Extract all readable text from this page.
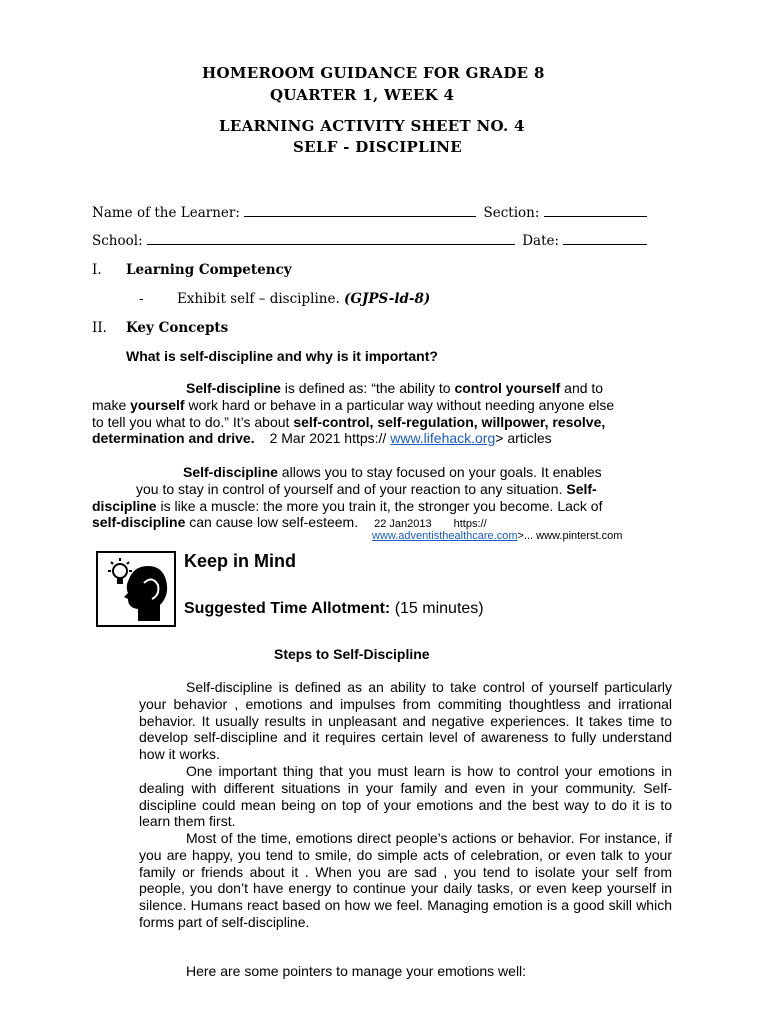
HOMEROOM GUIDANCE FOR GRADE 8
QUARTER 1, WEEK 4
LEARNING ACTIVITY SHEET NO. 4
SELF - DISCIPLINE
Name of the Learner:	Section:
School:	Date:
I. Learning Competency
- Exhibit self – discipline. (GJPS-ld-8)
II. Key Concepts
What is self-discipline and why is it important?
Self-discipline is defined as: “the ability to control yourself and to
make yourself work hard or behave in a particular way without needing anyone else
to tell you what to do.” It’s about self-control, self-regulation, willpower, resolve,
determination and drive. 2 Mar 2021 https:// www.lifehack.org> articles
Self-discipline allows you to stay focused on your goals. It enables
you to stay in control of yourself and of your reaction to any situation. Self-
discipline is like a muscle: the more you train it, the stronger you become. Lack of
self-discipline can cause low self-esteem. 22 Jan2013 https://
www.adventisthealthcare.com>... www.pinterst.com
Keep in Mind
Suggested Time Allotment: (15 minutes)
Steps to Self-Discipline
Self-discipline is defined as an ability to take control of yourself particularly your behavior , emotions and impulses from commiting thoughtless and irrational behavior. It usually results in unpleasant and negative experiences. It takes time to develop self-discipline and it requires certain level of awareness to fully understand how it works.
One important thing that you must learn is how to control your emotions in dealing with different situations in your family and even in your community. Self-discipline could mean being on top of your emotions and the best way to do it is to learn them first.
Most of the time, emotions direct people’s actions or behavior. For instance, if you are happy, you tend to smile, do simple acts of celebration, or even talk to your family or friends about it . When you are sad , you tend to isolate your self from people, you don’t have energy to continue your daily tasks, or even keep yourself in silence. Humans react based on how we feel. Managing emotion is a good skill which forms part of self-discipline.
Here are some pointers to manage your emotions well:
